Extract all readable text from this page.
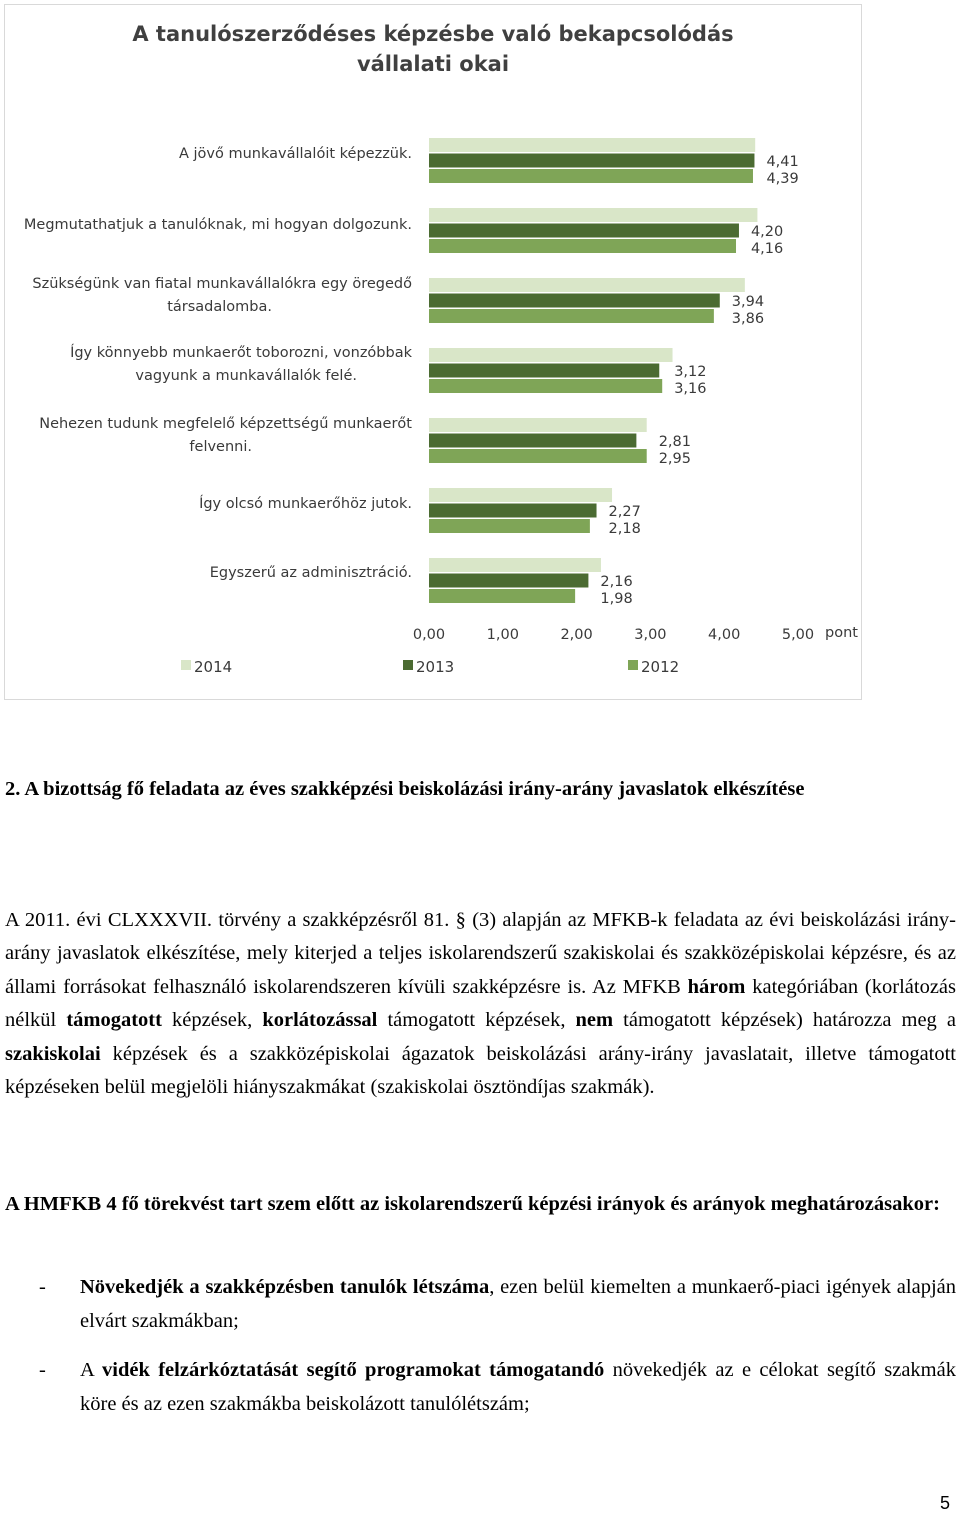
A tanulószerződéses képzésbe való bekapcsolódás
vállalati okai
A jövő munkavállalóit képezzük.
Megmutathatjuk a tanulóknak, mi hogyan dolgozunk.
Szükségünk van fiatal munkavállalókra egy öregedő
társadalomba.
Így könnyebb munkaerőt toborozni, vonzóbbak
vagyunk a munkavállalók felé.
Nehezen tudunk megfelelő képzettségű munkaerőt
felvenni.
Így olcsó munkaerőhöz jutok.
Egyszerű az adminisztráció.
4,41
4,39
4,20
4,16
3,94
3,86
3,12
3,16
2,81
2,95
2,27
2,18
2,16
1,98
0,00	1,00	2,00	3,00	4,00	5,00 pont
2014	2013	2012
2. A bizottság fő feladata az éves szakképzési beiskolázási irány-arány javaslatok elkészítése
A 2011. évi CLXXXVII. törvény a szakképzésről 81. § (3) alapján az MFKB-k feladata az évi beiskolázási irány-arány javaslatok elkészítése, mely kiterjed a teljes iskolarendszerű szakiskolai és szakközépiskolai képzésre, és az állami forrásokat felhasználó iskolarendszeren kívüli szakképzésre is. Az MFKB három kategóriában (korlátozás nélkül támogatott képzések, korlátozással támogatott képzések, nem támogatott képzések) határozza meg a szakiskolai képzések és a szakközépiskolai ágazatok beiskolázási arány-irány javaslatait, illetve támogatott képzéseken belül megjelöli hiányszakmákat (szakiskolai ösztöndíjas szakmák).
A HMFKB 4 fő törekvést tart szem előtt az iskolarendszerű képzési irányok és arányok meghatározásakor:
- Növekedjék a szakképzésben tanulók létszáma, ezen belül kiemelten a munkaerő-piaci igények alapján elvárt szakmákban;
- A vidék felzárkóztatását segítő programokat támogatandó növekedjék az e célokat segítő szakmák köre és az ezen szakmákba beiskolázott tanulólétszám;
5
